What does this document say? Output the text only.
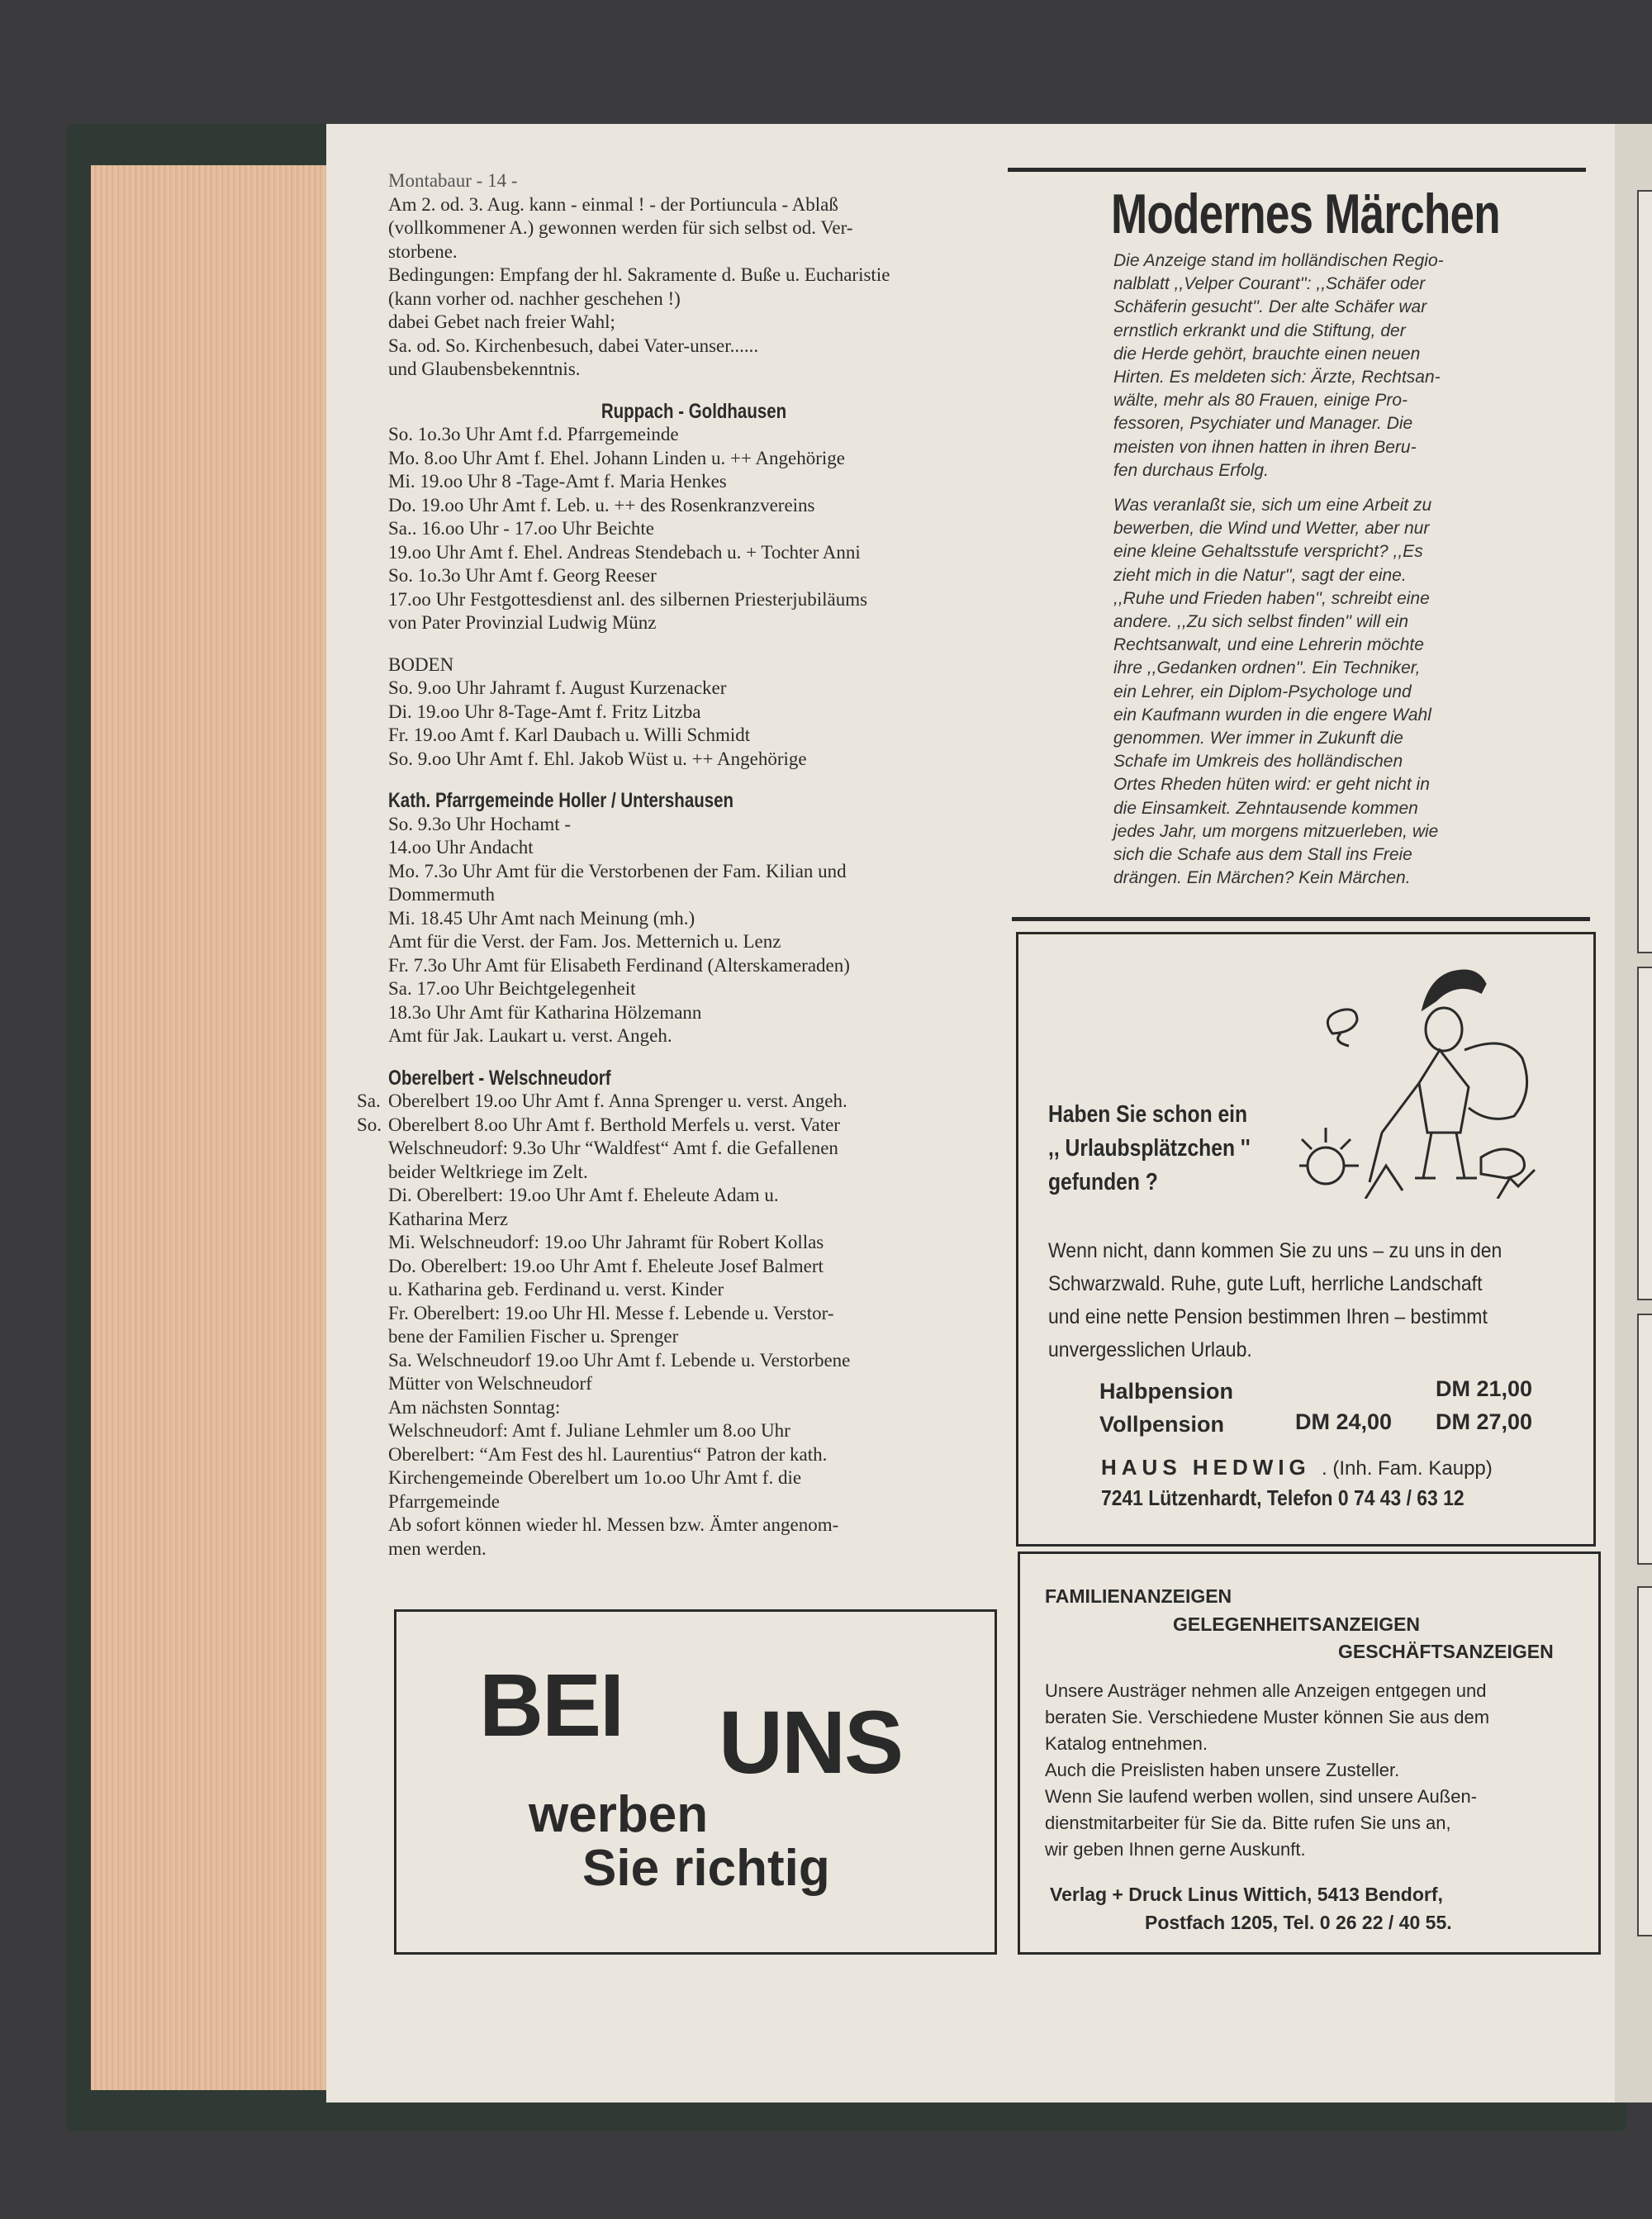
Montabaur - 14 -
Am 2. od. 3. Aug. kann - einmal ! - der Portiuncula - Ablaß
(vollkommener A.) gewonnen werden für sich selbst od. Ver-
storbene.
Bedingungen: Empfang der hl. Sakramente d. Buße u. Eucharistie
(kann vorher od. nachher geschehen !)
dabei Gebet nach freier Wahl;
Sa. od. So. Kirchenbesuch, dabei Vater-unser......
und Glaubensbekenntnis.
Ruppach - Goldhausen
So. 1o.3o Uhr Amt f.d. Pfarrgemeinde
Mo. 8.oo Uhr Amt f. Ehel. Johann Linden u. ++ Angehörige
Mi. 19.oo Uhr 8 -Tage-Amt f. Maria Henkes
Do. 19.oo Uhr Amt f. Leb. u. ++ des Rosenkranzvereins
Sa.. 16.oo Uhr - 17.oo Uhr Beichte
19.oo Uhr Amt f. Ehel. Andreas Stendebach u. + Tochter Anni
So. 1o.3o Uhr Amt f. Georg Reeser
17.oo Uhr Festgottesdienst anl. des silbernen Priesterjubiläums
von Pater Provinzial Ludwig Münz
BODEN
So. 9.oo Uhr Jahramt f. August Kurzenacker
Di. 19.oo Uhr 8-Tage-Amt f. Fritz Litzba
Fr. 19.oo Amt f. Karl Daubach u. Willi Schmidt
So. 9.oo Uhr Amt f. Ehl. Jakob Wüst u. ++ Angehörige
Kath. Pfarrgemeinde Holler / Untershausen
So. 9.3o Uhr Hochamt -
14.oo Uhr Andacht
Mo. 7.3o Uhr Amt für die Verstorbenen der Fam. Kilian und
Dommermuth
Mi. 18.45 Uhr Amt nach Meinung (mh.)
Amt für die Verst. der Fam. Jos. Metternich u. Lenz
Fr. 7.3o Uhr Amt für Elisabeth Ferdinand (Alterskameraden)
Sa. 17.oo Uhr Beichtgelegenheit
18.3o Uhr Amt für Katharina Hölzemann
Amt für Jak. Laukart u. verst. Angeh.
Oberelbert - Welschneudorf
Sa. Oberelbert 19.oo Uhr Amt f. Anna Sprenger u. verst. Angeh.
So. Oberelbert 8.oo Uhr Amt f. Berthold Merfels u. verst. Vater
Welschneudorf: 9.3o Uhr “Waldfest“ Amt f. die Gefallenen
beider Weltkriege im Zelt.
Di. Oberelbert: 19.oo Uhr Amt f. Eheleute Adam u.
Katharina Merz
Mi. Welschneudorf: 19.oo Uhr Jahramt für Robert Kollas
Do. Oberelbert: 19.oo Uhr Amt f. Eheleute Josef Balmert
u. Katharina geb. Ferdinand u. verst. Kinder
Fr. Oberelbert: 19.oo Uhr Hl. Messe f. Lebende u. Verstor-
bene der Familien Fischer u. Sprenger
Sa. Welschneudorf 19.oo Uhr Amt f. Lebende u. Verstorbene
Mütter von Welschneudorf
Am nächsten Sonntag:
Welschneudorf: Amt f. Juliane Lehmler um 8.oo Uhr
Oberelbert: “Am Fest des hl. Laurentius“ Patron der kath.
Kirchengemeinde Oberelbert um 1o.oo Uhr Amt f. die
Pfarrgemeinde
Ab sofort können wieder hl. Messen bzw. Ämter angenom-
men werden.
BEI UNS
werben
Sie richtig
Modernes Märchen
Die Anzeige stand im holländischen Regio-
nalblatt ,,Velper Courant'': ,,Schäfer oder
Schäferin gesucht''. Der alte Schäfer war
ernstlich erkrankt und die Stiftung, der
die Herde gehört, brauchte einen neuen
Hirten. Es meldeten sich: Ärzte, Rechtsan-
wälte, mehr als 80 Frauen, einige Pro-
fessoren, Psychiater und Manager. Die
meisten von ihnen hatten in ihren Beru-
fen durchaus Erfolg.
Was veranlaßt sie, sich um eine Arbeit zu
bewerben, die Wind und Wetter, aber nur
eine kleine Gehaltsstufe verspricht? ,,Es
zieht mich in die Natur'', sagt der eine.
,,Ruhe und Frieden haben'', schreibt eine
andere. ,,Zu sich selbst finden'' will ein
Rechtsanwalt, und eine Lehrerin möchte
ihre ,,Gedanken ordnen''. Ein Techniker,
ein Lehrer, ein Diplom-Psychologe und
ein Kaufmann wurden in die engere Wahl
genommen. Wer immer in Zukunft die
Schafe im Umkreis des holländischen
Ortes Rheden hüten wird: er geht nicht in
die Einsamkeit. Zehntausende kommen
jedes Jahr, um morgens mitzuerleben, wie
sich die Schafe aus dem Stall ins Freie
drängen. Ein Märchen? Kein Märchen.
Haben Sie schon ein
,, Urlaubsplätzchen ''
gefunden ?
Wenn nicht, dann kommen Sie zu uns – zu uns in den
Schwarzwald. Ruhe, gute Luft, herrliche Landschaft
und eine nette Pension bestimmen Ihren – bestimmt
unvergesslichen Urlaub.
Halbpension	DM 21,00
Vollpension	DM 24,00 DM 27,00
HAUS HEDWIG . (Inh. Fam. Kaupp)
7241 Lützenhardt, Telefon 0 74 43 / 63 12
FAMILIENANZEIGEN
GELEGENHEITSANZEIGEN
GESCHÄFTSANZEIGEN
Unsere Austräger nehmen alle Anzeigen entgegen und
beraten Sie. Verschiedene Muster können Sie aus dem
Katalog entnehmen.
Auch die Preislisten haben unsere Zusteller.
Wenn Sie laufend werben wollen, sind unsere Außen-
dienstmitarbeiter für Sie da. Bitte rufen Sie uns an,
wir geben Ihnen gerne Auskunft.
Verlag + Druck Linus Wittich, 5413 Bendorf,
Postfach 1205, Tel. 0 26 22 / 40 55.
